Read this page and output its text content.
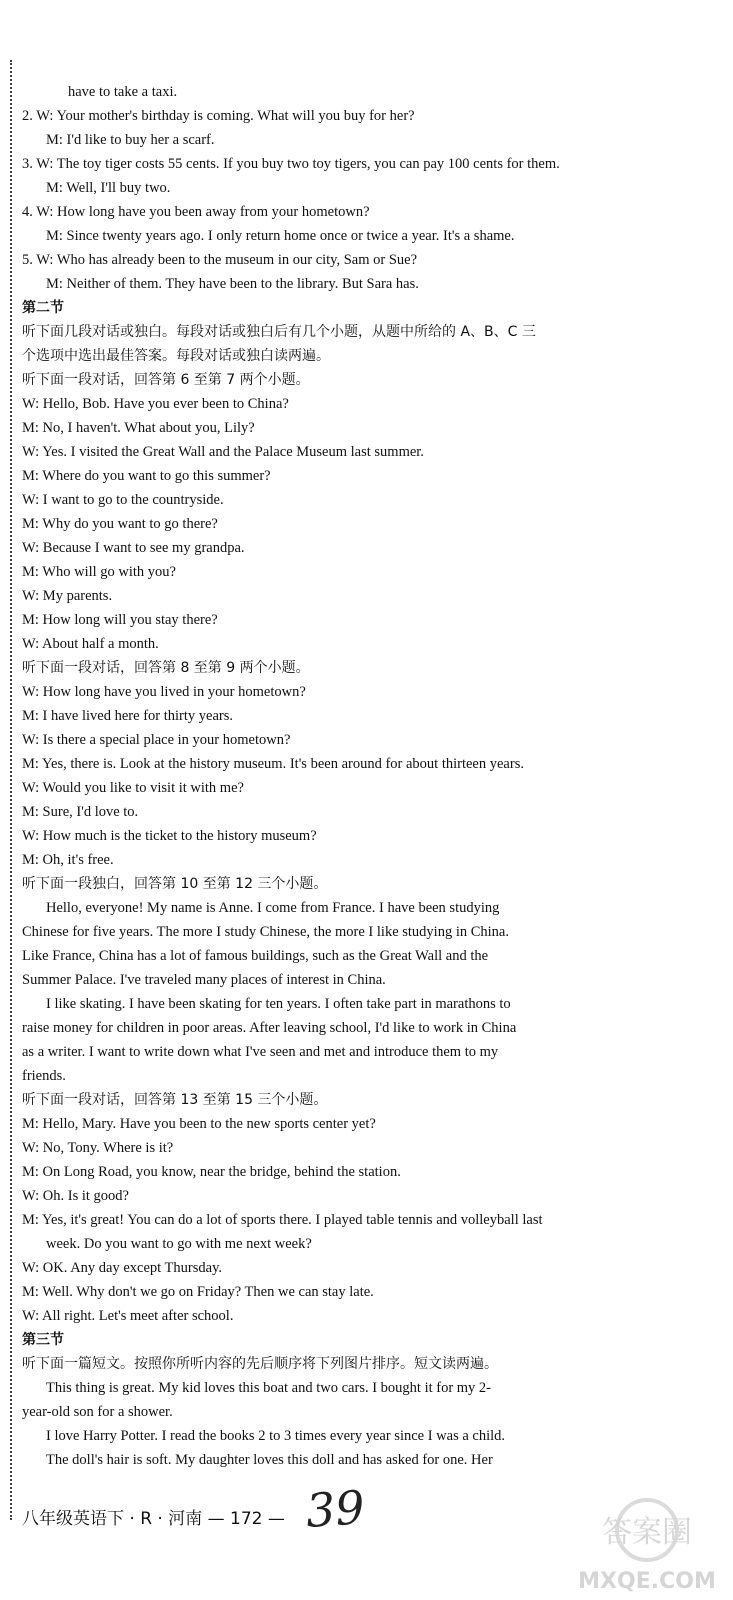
have to take a taxi.
2. W: Your mother's birthday is coming. What will you buy for her?
M: I'd like to buy her a scarf.
3. W: The toy tiger costs 55 cents. If you buy two toy tigers, you can pay 100 cents for them.
M: Well, I'll buy two.
4. W: How long have you been away from your hometown?
M: Since twenty years ago. I only return home once or twice a year. It's a shame.
5. W: Who has already been to the museum in our city, Sam or Sue?
M: Neither of them. They have been to the library. But Sara has.
第二节
听下面几段对话或独白。每段对话或独白后有几个小题，从题中所给的 A、B、C 三
个选项中选出最佳答案。每段对话或独白读两遍。
听下面一段对话，回答第 6 至第 7 两个小题。
W: Hello, Bob. Have you ever been to China?
M: No, I haven't. What about you, Lily?
W: Yes. I visited the Great Wall and the Palace Museum last summer.
M: Where do you want to go this summer?
W: I want to go to the countryside.
M: Why do you want to go there?
W: Because I want to see my grandpa.
M: Who will go with you?
W: My parents.
M: How long will you stay there?
W: About half a month.
听下面一段对话，回答第 8 至第 9 两个小题。
W: How long have you lived in your hometown?
M: I have lived here for thirty years.
W: Is there a special place in your hometown?
M: Yes, there is. Look at the history museum. It's been around for about thirteen years.
W: Would you like to visit it with me?
M: Sure, I'd love to.
W: How much is the ticket to the history museum?
M: Oh, it's free.
听下面一段独白，回答第 10 至第 12 三个小题。
Hello, everyone! My name is Anne. I come from France. I have been studying
Chinese for five years. The more I study Chinese, the more I like studying in China.
Like France, China has a lot of famous buildings, such as the Great Wall and the
Summer Palace. I've traveled many places of interest in China.
I like skating. I have been skating for ten years. I often take part in marathons to
raise money for children in poor areas. After leaving school, I'd like to work in China
as a writer. I want to write down what I've seen and met and introduce them to my
friends.
听下面一段对话，回答第 13 至第 15 三个小题。
M: Hello, Mary. Have you been to the new sports center yet?
W: No, Tony. Where is it?
M: On Long Road, you know, near the bridge, behind the station.
W: Oh. Is it good?
M: Yes, it's great! You can do a lot of sports there. I played table tennis and volleyball last
week. Do you want to go with me next week?
W: OK. Any day except Thursday.
M: Well. Why don't we go on Friday? Then we can stay late.
W: All right. Let's meet after school.
第三节
听下面一篇短文。按照你所听内容的先后顺序将下列图片排序。短文读两遍。
This thing is great. My kid loves this boat and two cars. I bought it for my 2-
year-old son for a shower.
I love Harry Potter. I read the books 2 to 3 times every year since I was a child.
The doll's hair is soft. My daughter loves this doll and has asked for one. Her
八年级英语下 · R · 河南 — 172 — 39	答案圈
MXQE.COM
